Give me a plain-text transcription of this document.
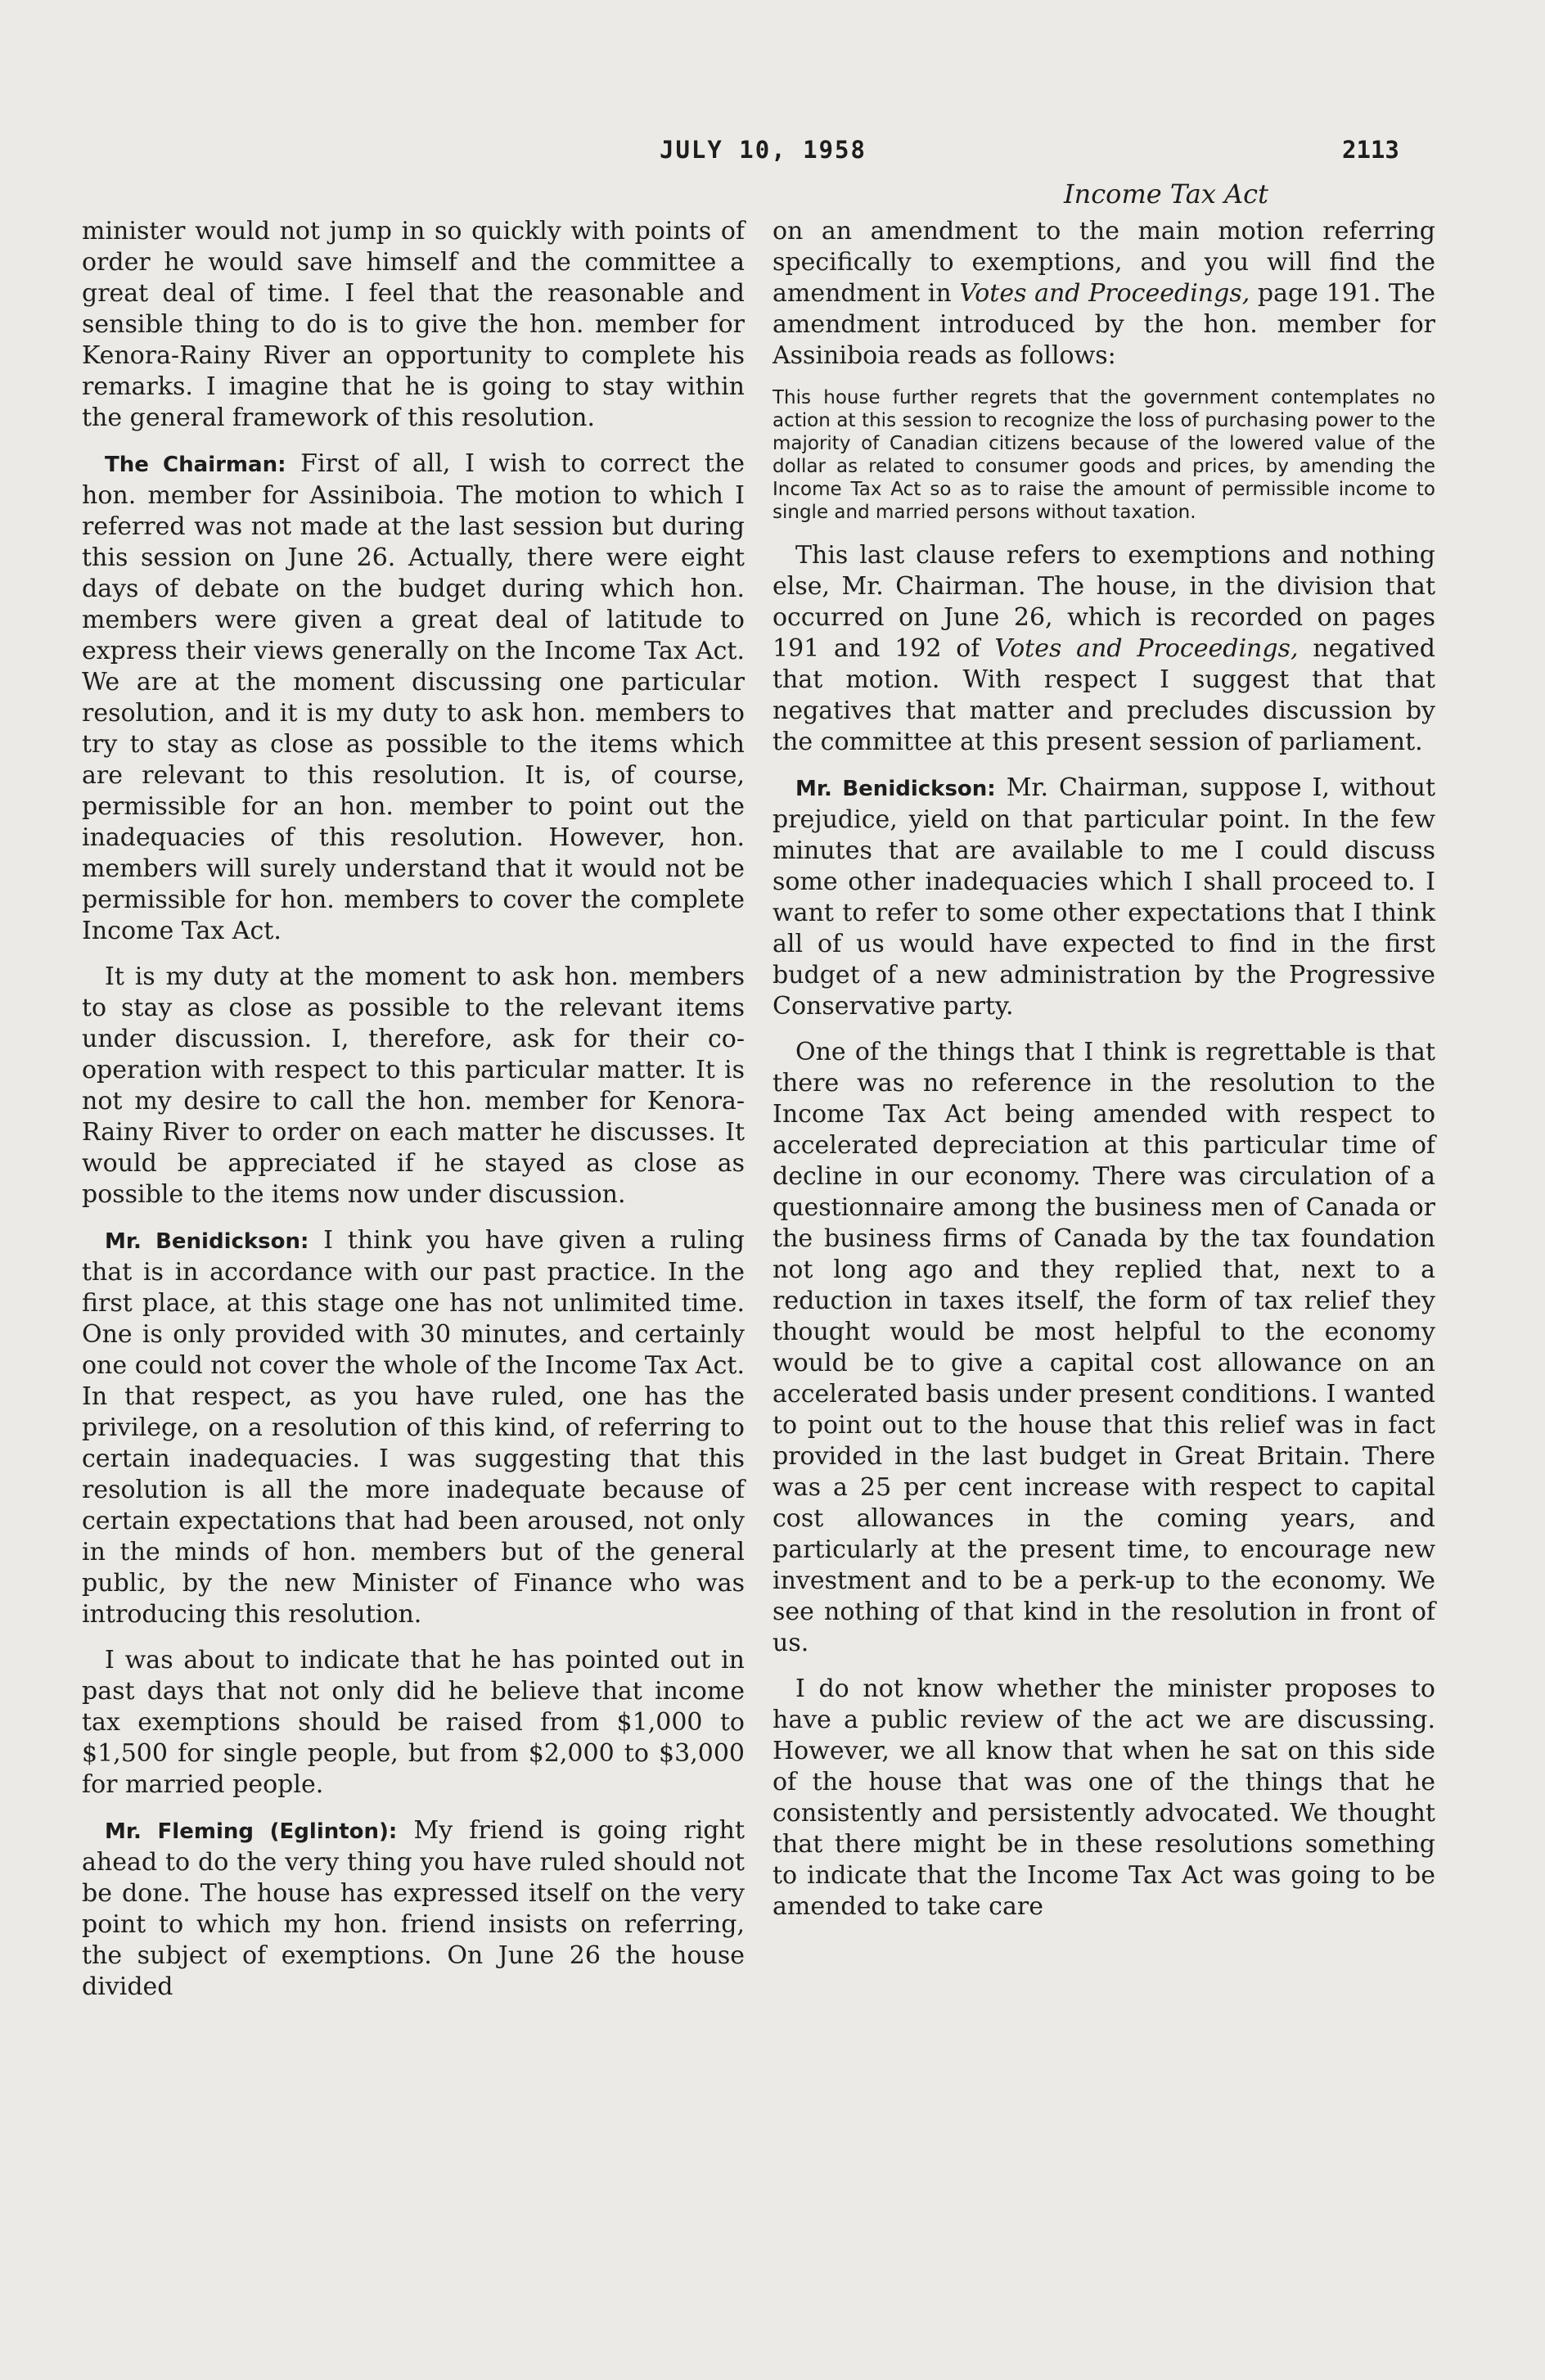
JULY 10, 1958	2113
Income Tax Act

minister would not jump in so quickly with points of order he would save himself and the committee a great deal of time. I feel that the reasonable and sensible thing to do is to give the hon. member for Kenora-Rainy River an opportunity to complete his remarks. I imagine that he is going to stay within the general framework of this resolution.

The Chairman: First of all, I wish to correct the hon. member for Assiniboia. The motion to which I referred was not made at the last session but during this session on June 26. Actually, there were eight days of debate on the budget during which hon. members were given a great deal of latitude to express their views generally on the Income Tax Act. We are at the moment discussing one particular resolution, and it is my duty to ask hon. members to try to stay as close as possible to the items which are relevant to this resolution. It is, of course, permissible for an hon. member to point out the inadequacies of this resolution. However, hon. members will surely understand that it would not be permissible for hon. members to cover the complete Income Tax Act.

It is my duty at the moment to ask hon. members to stay as close as possible to the relevant items under discussion. I, therefore, ask for their co-operation with respect to this particular matter. It is not my desire to call the hon. member for Kenora-Rainy River to order on each matter he discusses. It would be appreciated if he stayed as close as possible to the items now under discussion.

Mr. Benidickson: I think you have given a ruling that is in accordance with our past practice. In the first place, at this stage one has not unlimited time. One is only provided with 30 minutes, and certainly one could not cover the whole of the Income Tax Act. In that respect, as you have ruled, one has the privilege, on a resolution of this kind, of referring to certain inadequacies. I was suggesting that this resolution is all the more inadequate because of certain expectations that had been aroused, not only in the minds of hon. members but of the general public, by the new Minister of Finance who was introducing this resolution.

I was about to indicate that he has pointed out in past days that not only did he believe that income tax exemptions should be raised from $1,000 to $1,500 for single people, but from $2,000 to $3,000 for married people.

Mr. Fleming (Eglinton): My friend is going right ahead to do the very thing you have ruled should not be done. The house has expressed itself on the very point to which my hon. friend insists on referring, the subject of exemptions. On June 26 the house divided

on an amendment to the main motion referring specifically to exemptions, and you will find the amendment in Votes and Proceedings, page 191. The amendment introduced by the hon. member for Assiniboia reads as follows:

This house further regrets that the government contemplates no action at this session to recognize the loss of purchasing power to the majority of Canadian citizens because of the lowered value of the dollar as related to consumer goods and prices, by amending the Income Tax Act so as to raise the amount of permissible income to single and married persons without taxation.

This last clause refers to exemptions and nothing else, Mr. Chairman. The house, in the division that occurred on June 26, which is recorded on pages 191 and 192 of Votes and Proceedings, negatived that motion. With respect I suggest that that negatives that matter and precludes discussion by the committee at this present session of parliament.

Mr. Benidickson: Mr. Chairman, suppose I, without prejudice, yield on that particular point. In the few minutes that are available to me I could discuss some other inadequacies which I shall proceed to. I want to refer to some other expectations that I think all of us would have expected to find in the first budget of a new administration by the Progressive Conservative party.

One of the things that I think is regrettable is that there was no reference in the resolution to the Income Tax Act being amended with respect to accelerated depreciation at this particular time of decline in our economy. There was circulation of a questionnaire among the business men of Canada or the business firms of Canada by the tax foundation not long ago and they replied that, next to a reduction in taxes itself, the form of tax relief they thought would be most helpful to the economy would be to give a capital cost allowance on an accelerated basis under present conditions. I wanted to point out to the house that this relief was in fact provided in the last budget in Great Britain. There was a 25 per cent increase with respect to capital cost allowances in the coming years, and particularly at the present time, to encourage new investment and to be a perk-up to the economy. We see nothing of that kind in the resolution in front of us.

I do not know whether the minister proposes to have a public review of the act we are discussing. However, we all know that when he sat on this side of the house that was one of the things that he consistently and persistently advocated. We thought that there might be in these resolutions something to indicate that the Income Tax Act was going to be amended to take care
